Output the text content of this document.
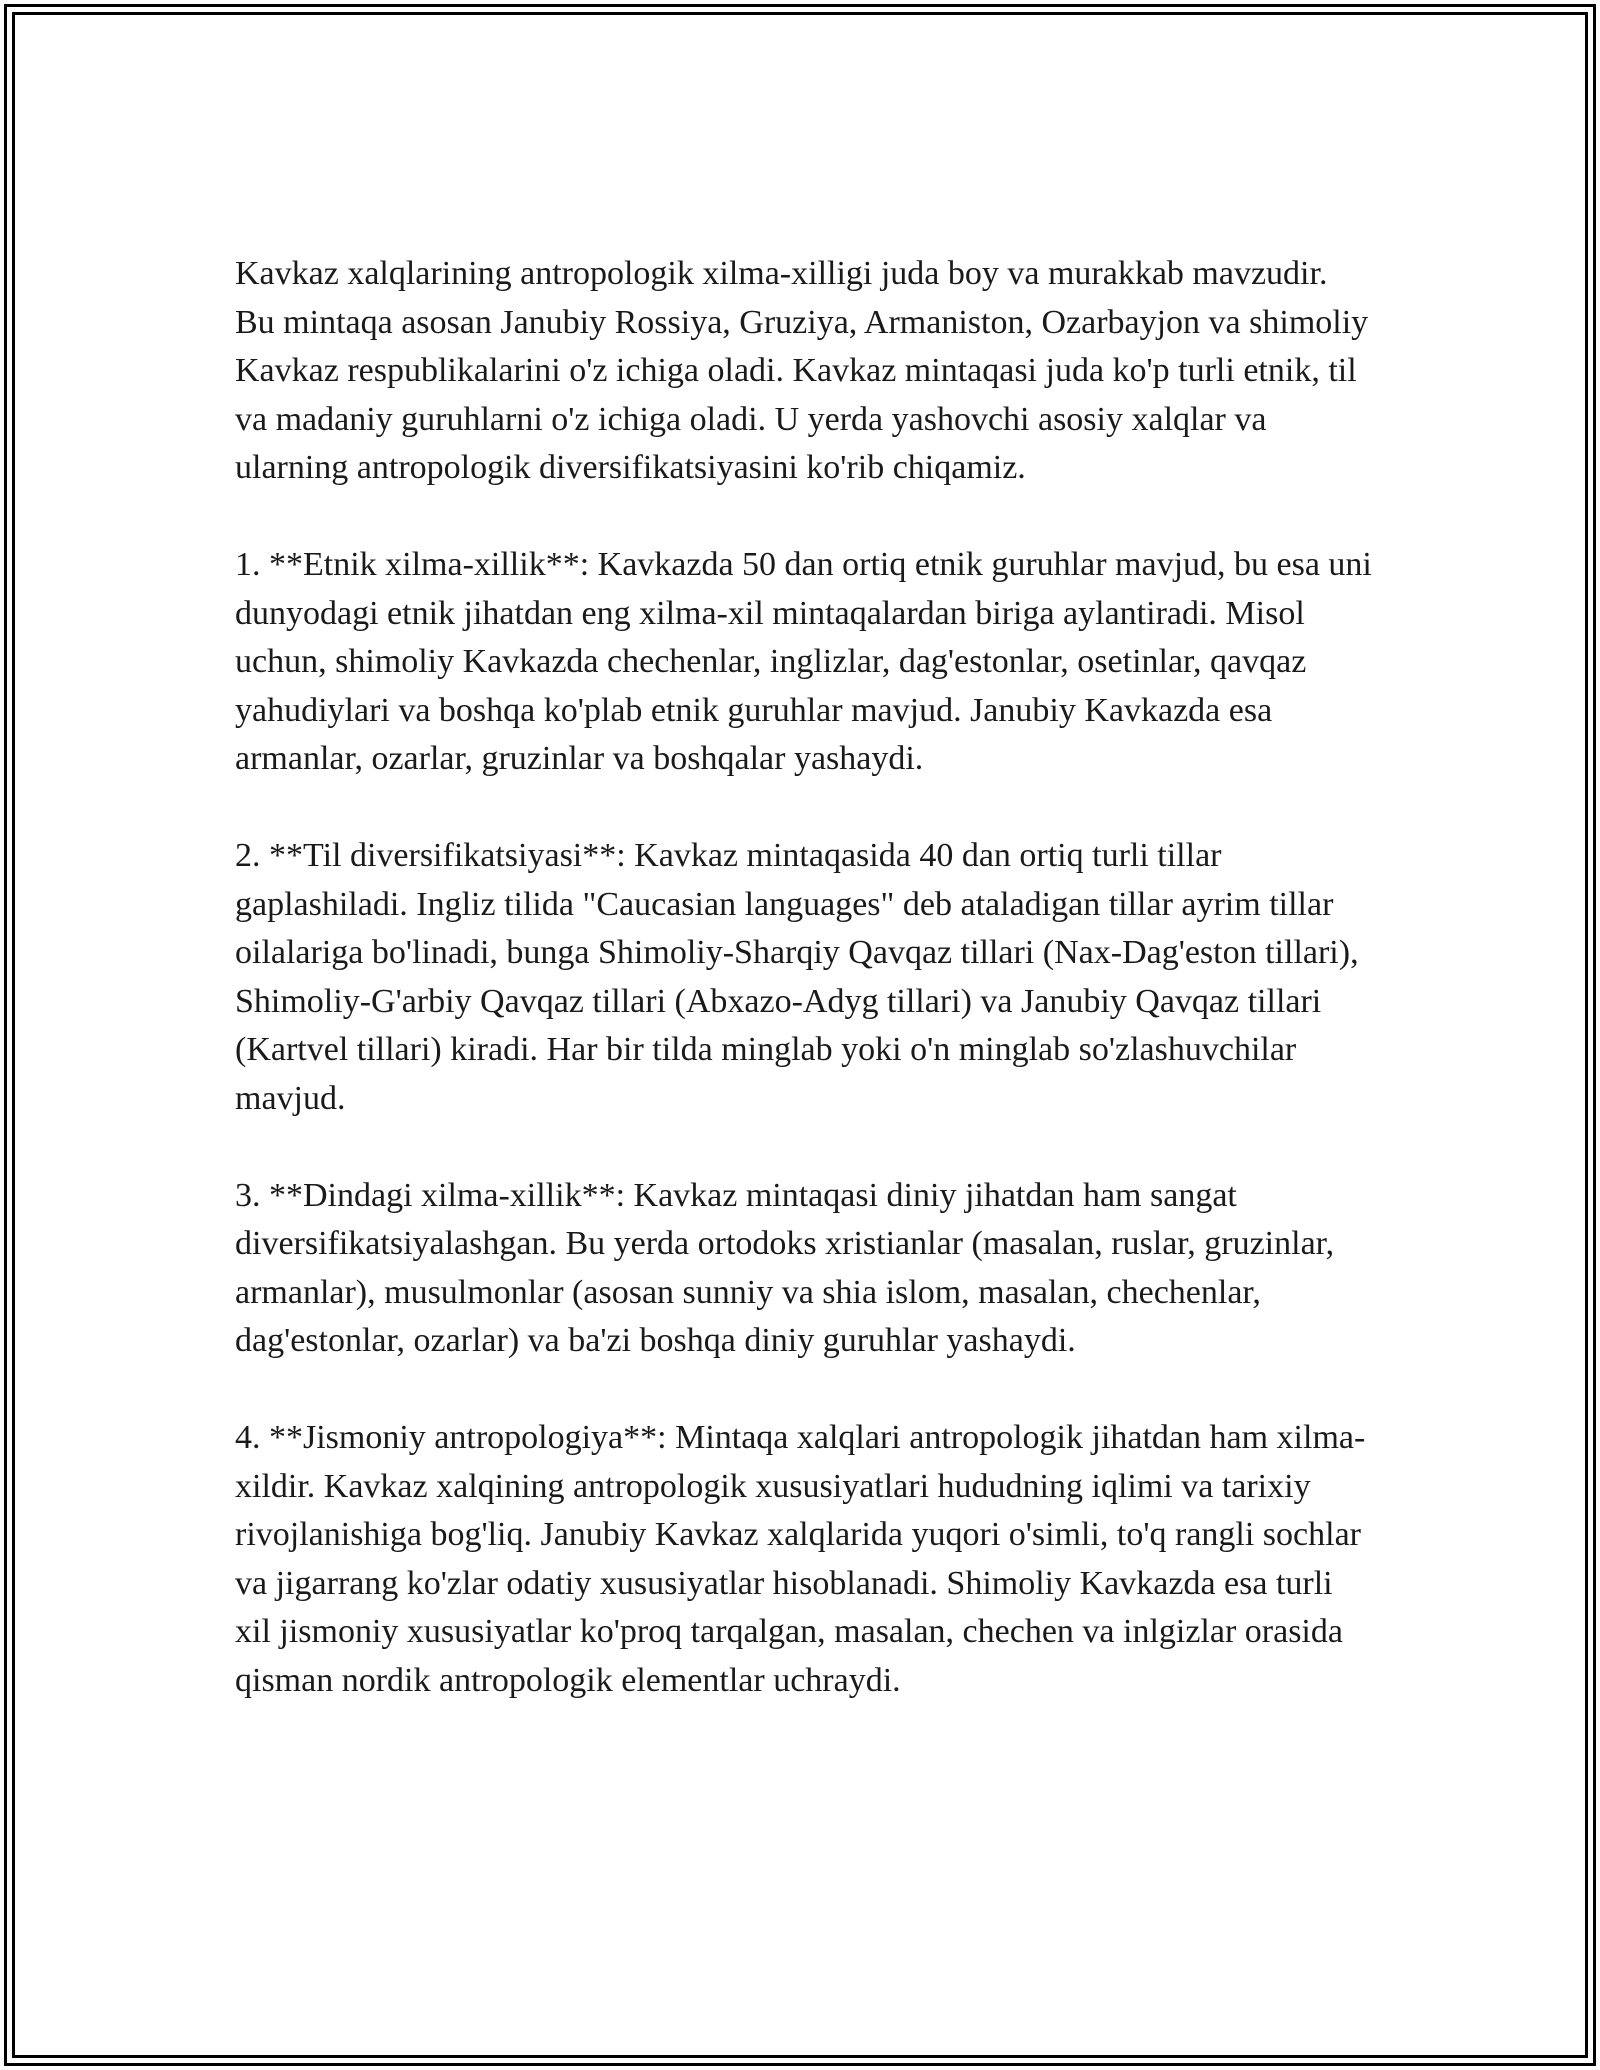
Kavkaz xalqlarining antropologik xilma-xilligi juda boy va murakkab mavzudir. Bu mintaqa asosan Janubiy Rossiya, Gruziya, Armaniston, Ozarbayjon va shimoliy Kavkaz respublikalarini o'z ichiga oladi. Kavkaz mintaqasi juda ko'p turli etnik, til va madaniy guruhlarni o'z ichiga oladi. U yerda yashovchi asosiy xalqlar va ularning antropologik diversifikatsiyasini ko'rib chiqamiz.

1. **Etnik xilma-xillik**: Kavkazda 50 dan ortiq etnik guruhlar mavjud, bu esa uni dunyodagi etnik jihatdan eng xilma-xil mintaqalardan biriga aylantiradi. Misol uchun, shimoliy Kavkazda chechenlar, inglizlar, dag'estonlar, osetinlar, qavqaz yahudiylari va boshqa ko'plab etnik guruhlar mavjud. Janubiy Kavkazda esa armanlar, ozarlar, gruzinlar va boshqalar yashaydi.

2. **Til diversifikatsiyasi**: Kavkaz mintaqasida 40 dan ortiq turli tillar gaplashiladi. Ingliz tilida "Caucasian languages" deb ataladigan tillar ayrim tillar oilalariga bo'linadi, bunga Shimoliy-Sharqiy Qavqaz tillari (Nax-Dag'eston tillari), Shimoliy-G'arbiy Qavqaz tillari (Abxazo-Adyg tillari) va Janubiy Qavqaz tillari (Kartvel tillari) kiradi. Har bir tilda minglab yoki o'n minglab so'zlashuvchilar mavjud.

3. **Dindagi xilma-xillik**: Kavkaz mintaqasi diniy jihatdan ham sangat diversifikatsiyalashgan. Bu yerda ortodoks xristianlar (masalan, ruslar, gruzinlar, armanlar), musulmonlar (asosan sunniy va shia islom, masalan, chechenlar, dag'estonlar, ozarlar) va ba'zi boshqa diniy guruhlar yashaydi.

4. **Jismoniy antropologiya**: Mintaqa xalqlari antropologik jihatdan ham xilma-xildir. Kavkaz xalqining antropologik xususiyatlari hududning iqlimi va tarixiy rivojlanishiga bog'liq. Janubiy Kavkaz xalqlarida yuqori o'simli, to'q rangli sochlar va jigarrang ko'zlar odatiy xususiyatlar hisoblanadi. Shimoliy Kavkazda esa turli xil jismoniy xususiyatlar ko'proq tarqalgan, masalan, chechen va inlgizlar orasida qisman nordik antropologik elementlar uchraydi.
